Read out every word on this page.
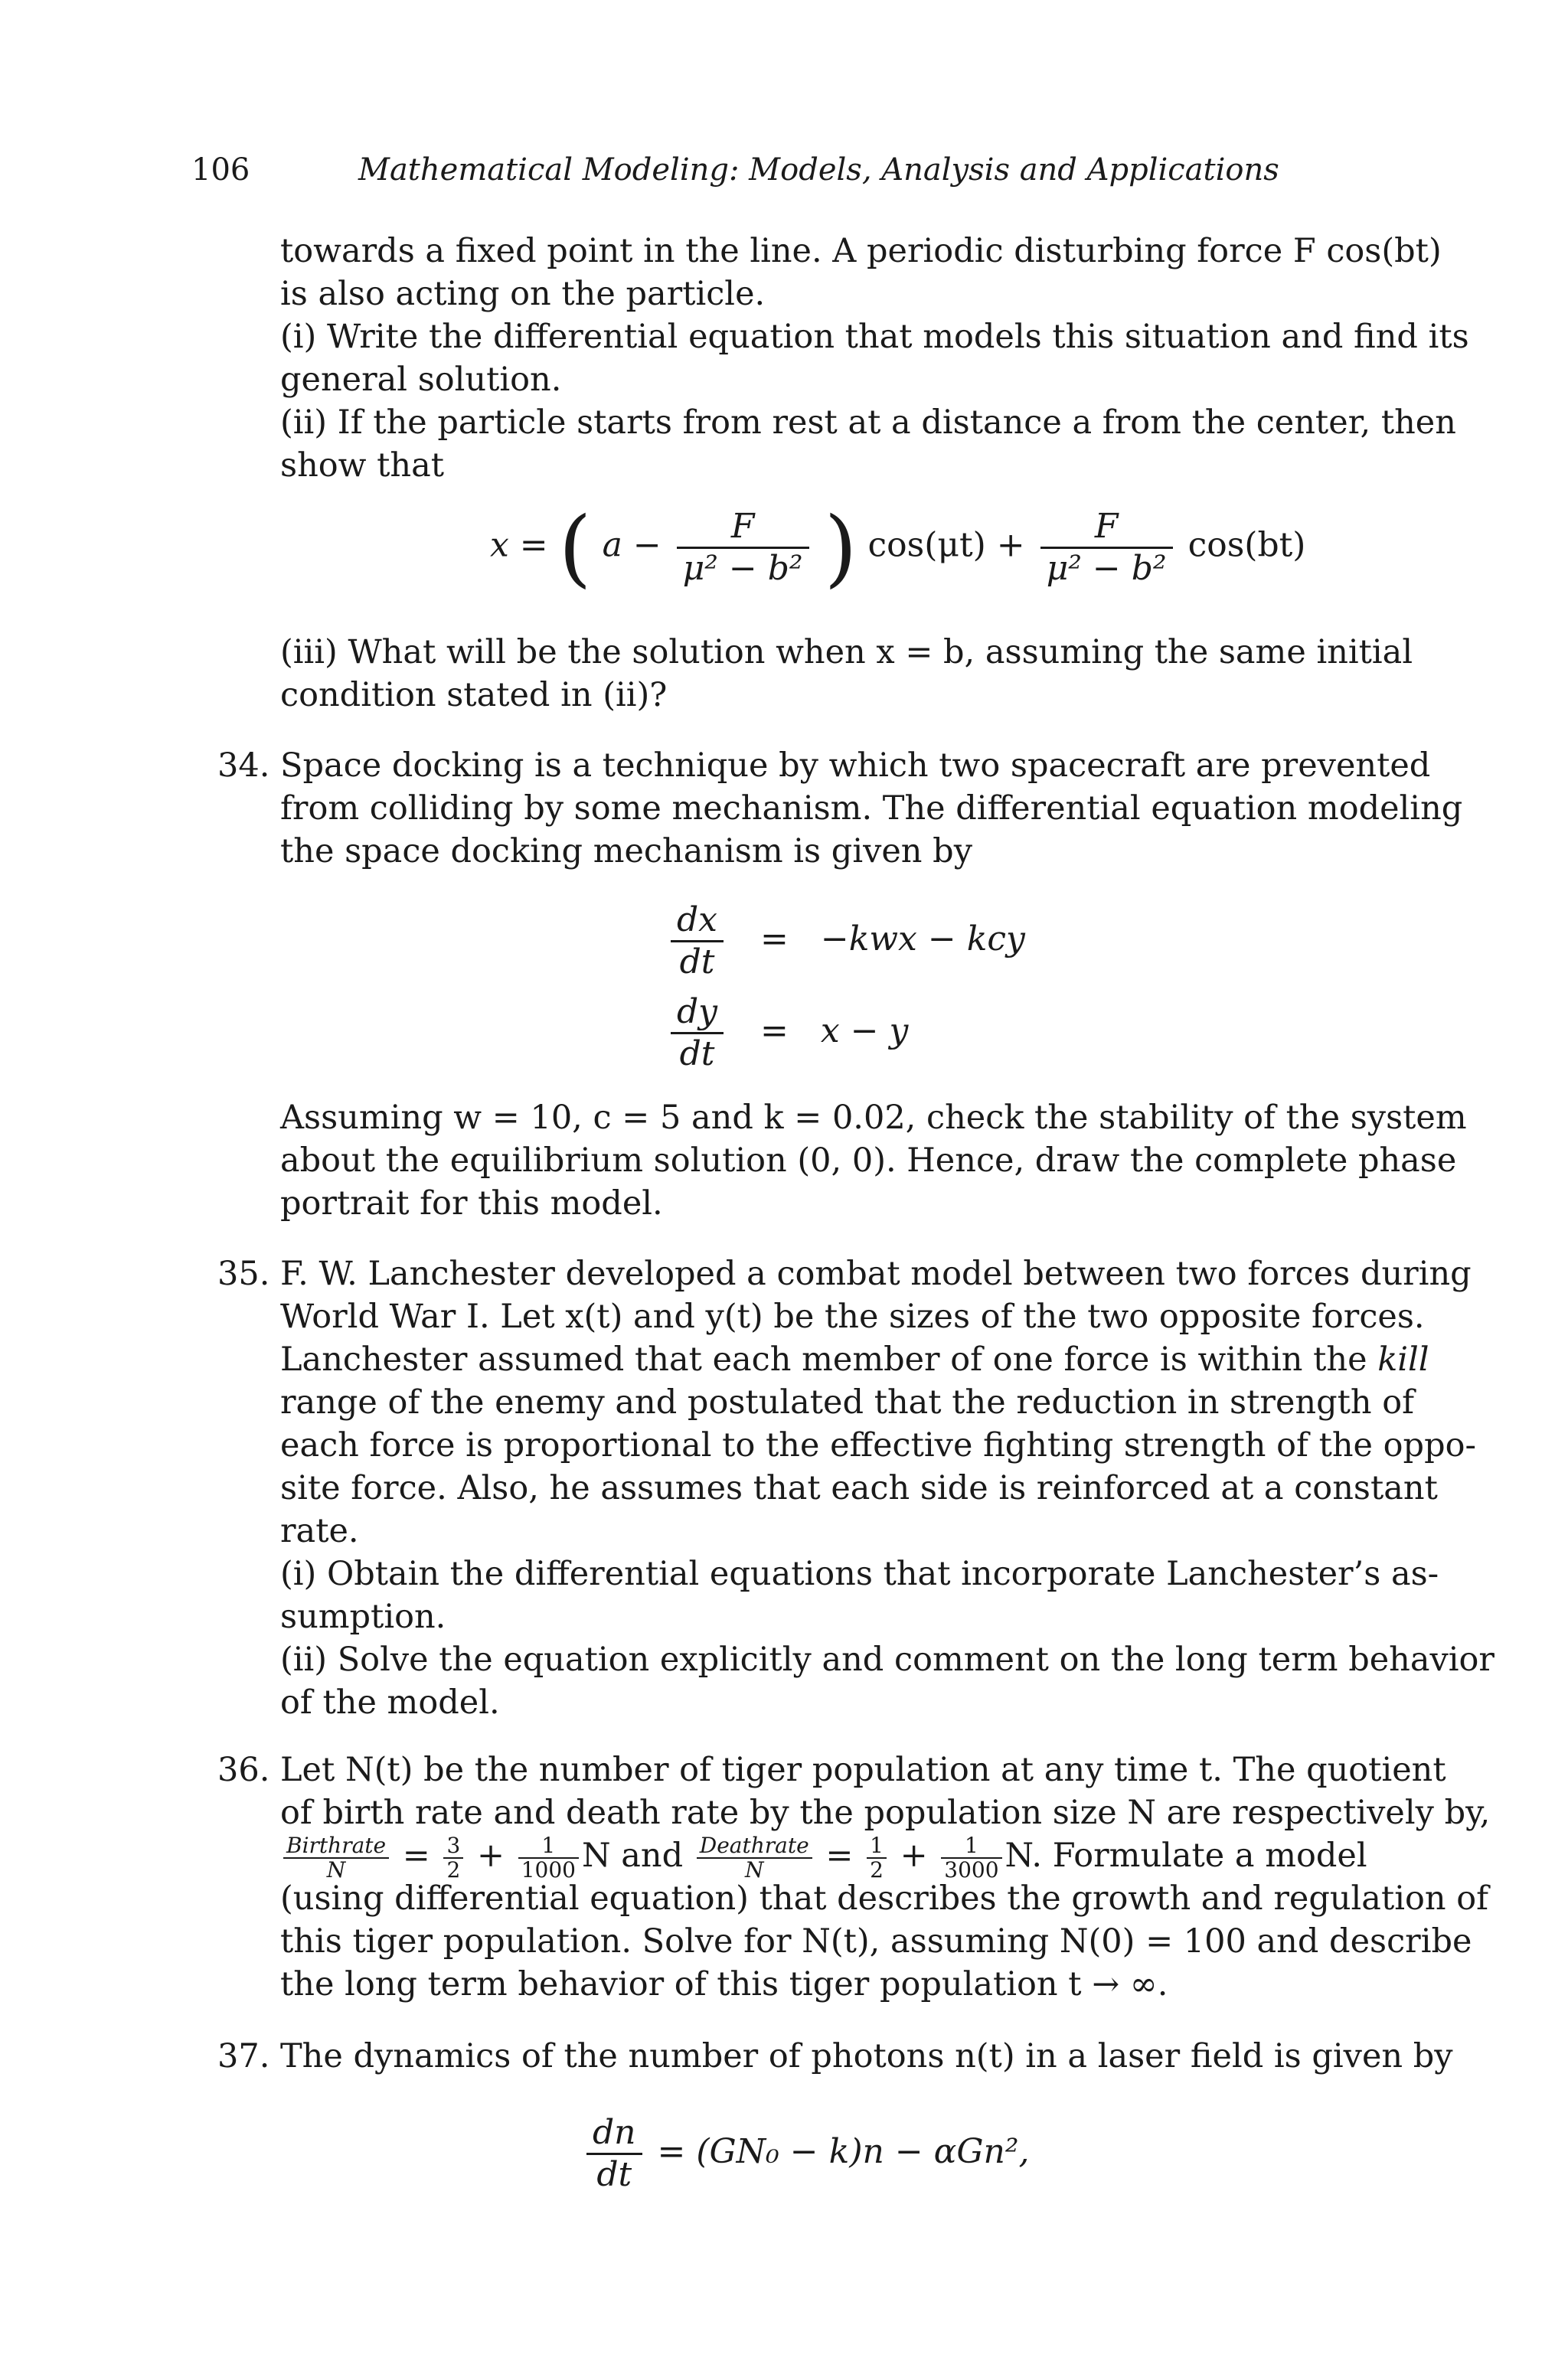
106	Mathematical Modeling: Models, Analysis and Applications
towards a fixed point in the line. A periodic disturbing force F cos(bt)
is also acting on the particle.
(i) Write the differential equation that models this situation and find its
general solution.
(ii) If the particle starts from rest at a distance a from the center, then
show that
x = ( $a - \frac{F}{\text{μ² − b²}}$ ) $\cos(\mu t) + \frac{F}{\text{μ² − b²}} \cos(bt)$
(iii) What will be the solution when x = b, assuming the same initial
condition stated in (ii)?
34. Space docking is a technique by which two spacecraft are prevented
from colliding by some mechanism. The differential equation modeling
the space docking mechanism is given by
$\frac{dx}{dt} = -kwx$ − kcy
$\frac{dy}{dt} = x - y$
Assuming w = 10, c = 5 and k = 0.02, check the stability of the system
about the equilibrium solution (0, 0). Hence, draw the complete phase
portrait for this model.
35. F. W. Lanchester developed a combat model between two forces during
World War I. Let x(t) and y(t) be the sizes of the two opposite forces.
Lanchester assumed that each member of one force is within the kill
range of the enemy and postulated that the reduction in strength of
each force is proportional to the effective fighting strength of the oppo-
site force. Also, he assumes that each side is reinforced at a constant
rate.
(i) Obtain the differential equations that incorporate Lanchester’s as-
sumption.
(ii) Solve the equation explicitly and comment on the long term behavior
of the model.
36. Let N(t) be the number of tiger population at any time t. The quotient
of birth rate and death rate by the population size N are respectively by,
Birthrate
N	= $\frac{3}{2} + \frac{1}{1000}$ N and Deathrate
N	= $\frac{1}{2} + \frac{1}{3000} N$. Formulate a model
(using differential equation) that describes the growth and regulation of
this tiger population. Solve for N(t), assuming N(0) = 100 and describe
the long term behavior of this tiger population t → ∞.
37. The dynamics of the number of photons n(t) in a laser field is given by
$\frac{dn}{dt} = (GN_0 - k)n - \alpha Gn^2$,
